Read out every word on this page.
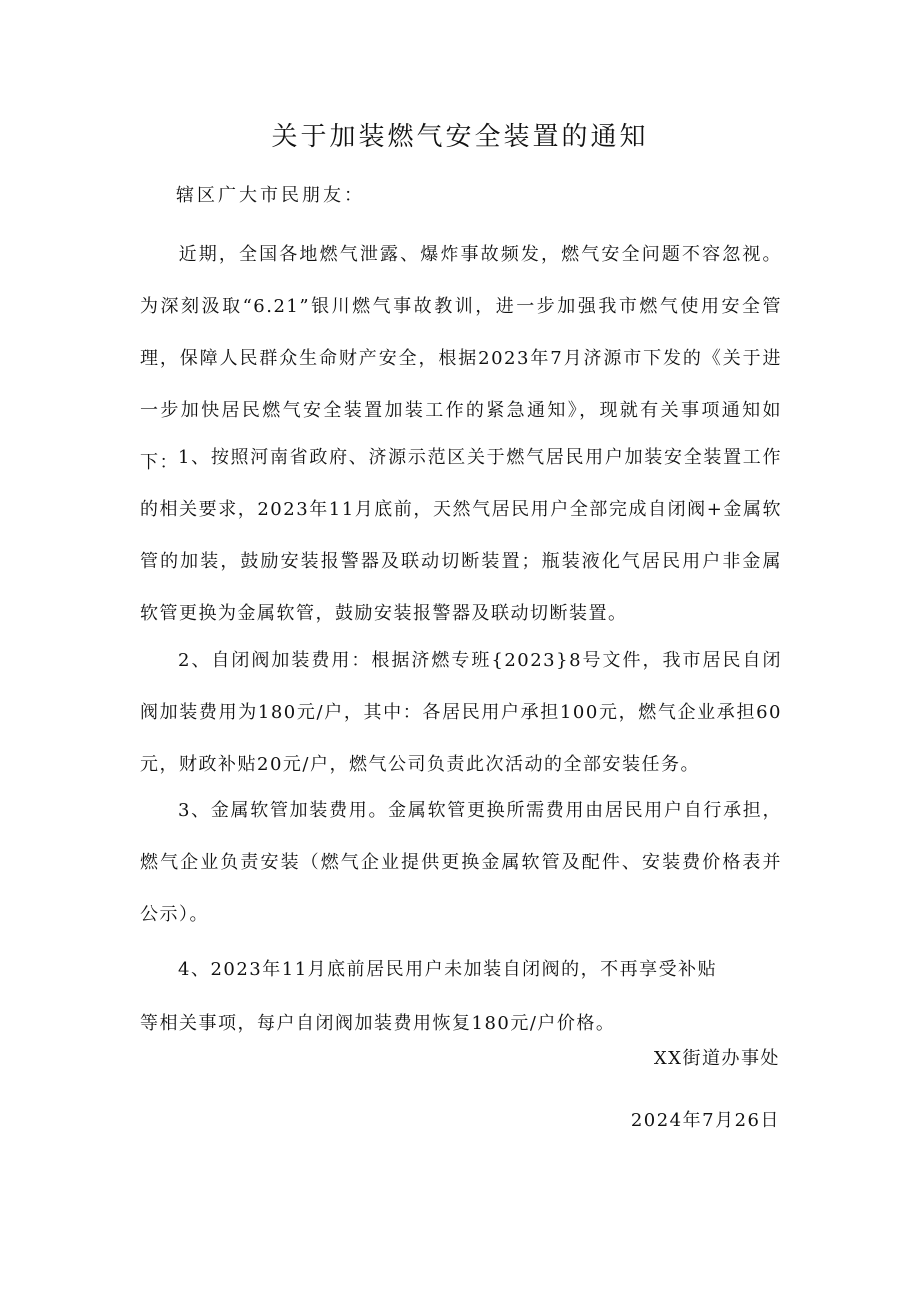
关于加装燃气安全装置的通知
辖区广大市民朋友：
近期，全国各地燃气泄露、爆炸事故频发，燃气安全问题不容忽视。为深刻汲取“6.21”银川燃气事故教训，进一步加强我市燃气使用安全管理，保障人民群众生命财产安全，根据2023年7月济源市下发的《关于进一步加快居民燃气安全装置加装工作的紧急通知》，现就有关事项通知如下： 1、按照河南省政府、济源示范区关于燃气居民用户加装安全装置工作的相关要求，2023年11月底前，天然气居民用户全部完成自闭阀+金属软管的加装，鼓励安装报警器及联动切断装置；瓶装液化气居民用户非金属软管更换为金属软管，鼓励安装报警器及联动切断装置。
2、自闭阀加装费用：根据济燃专班{2023}8号文件，我市居民自闭阀加装费用为180元/户，其中：各居民用户承担100元，燃气企业承担60元，财政补贴20元/户，燃气公司负责此次活动的全部安装任务。
3、金属软管加装费用。金属软管更换所需费用由居民用户自行承担，燃气企业负责安装（燃气企业提供更换金属软管及配件、安装费价格表并公示）。
4、2023年11月底前居民用户未加装自闭阀的，不再享受补贴
等相关事项，每户自闭阀加装费用恢复180元/户价格。
XX街道办事处
2024年7月26日
